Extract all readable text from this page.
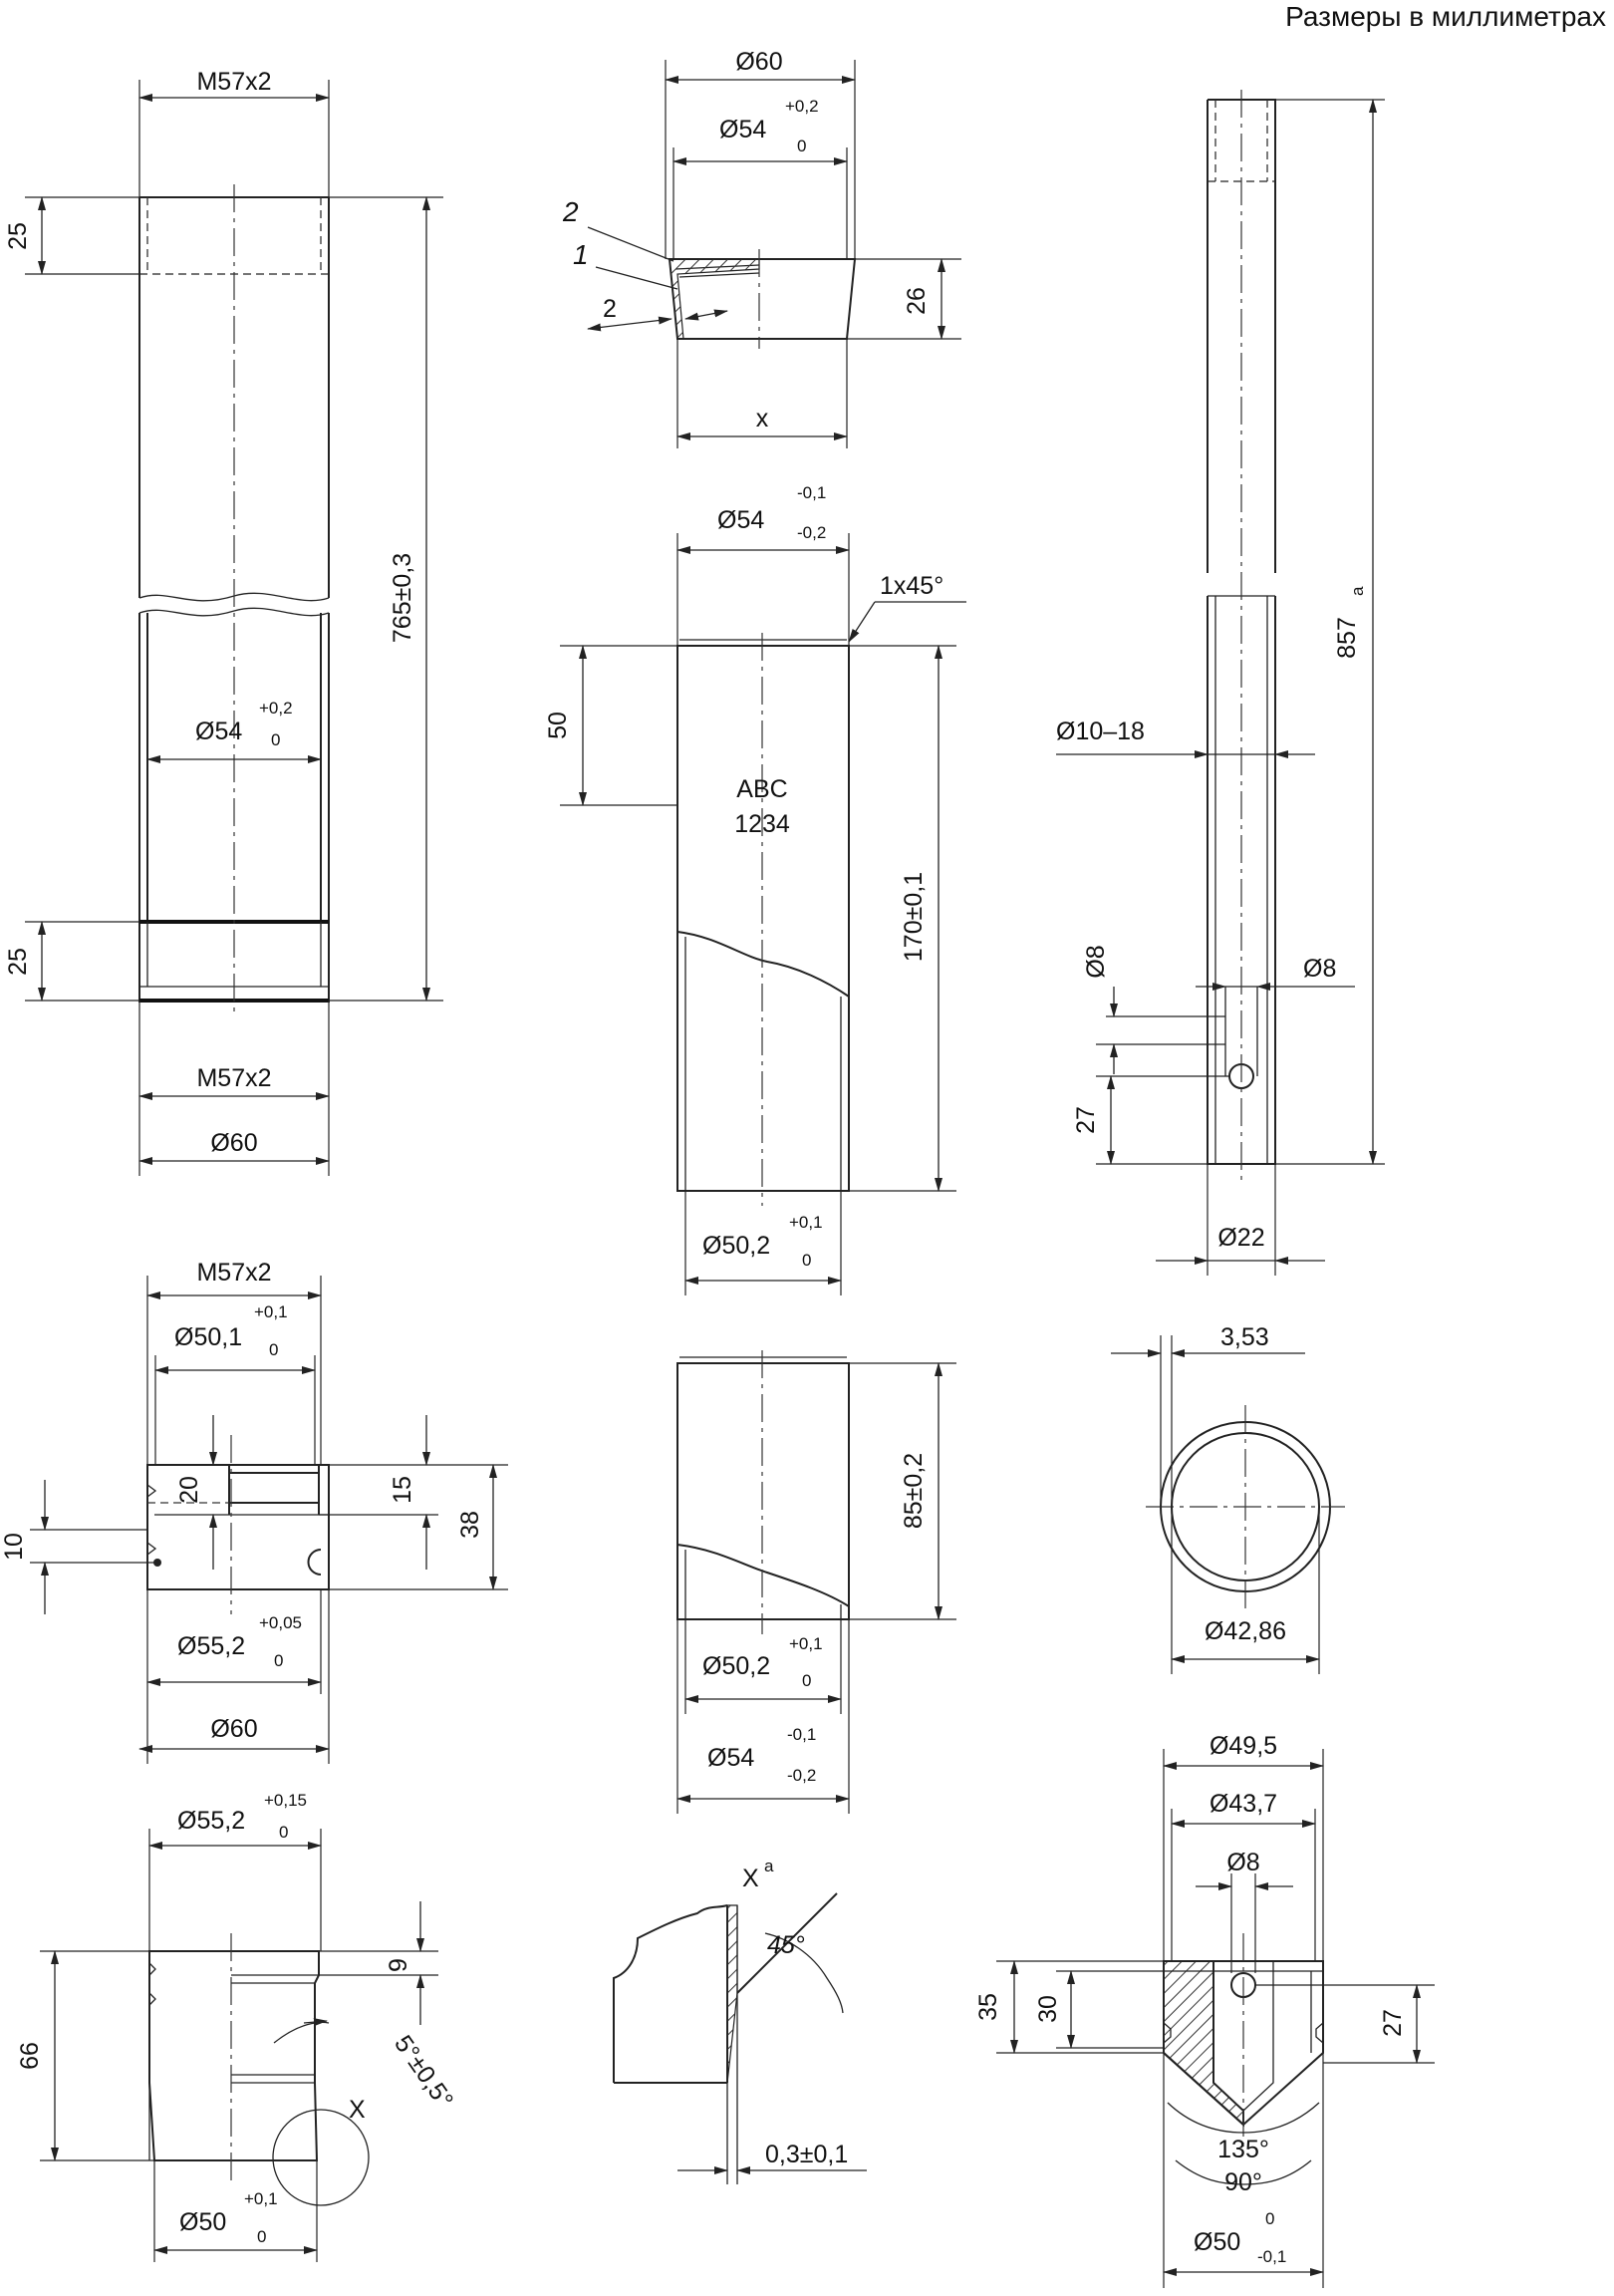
Размеры в миллиметрах
M57x2
25
765±0,3
Ø54
+0,2
0
25
M57x2
Ø60
Ø60
Ø54
+0,2
0
2
1
2	26
x
ABC
1234
Ø54
-0,1
-0,2
1x45°
50
170±0,1
Ø50,2
+0,1
0
857
a
Ø10–18
Ø8	Ø8
27
Ø22
M57x2
Ø50,1
+0,1
0
20	15
38
10
Ø55,2
+0,05
0
Ø60
85±0,2
Ø50,2
+0,1
0
Ø54
-0,1
-0,2
3,53
Ø42,86
X
Ø55,2
+0,15
0
9
66	5°±0,5°
Ø50
+0,1
0
X a
45°
0,3±0,1
Ø49,5
Ø43,7
Ø8
35 30
27
135°
90°
Ø50
0
-0,1
